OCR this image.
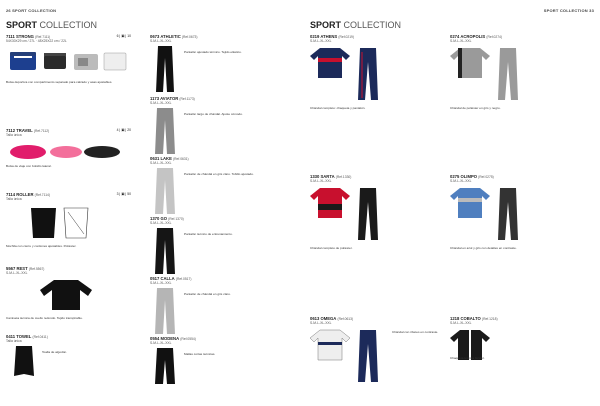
26 SPORT COLLECTION
SPORT COLLECTION
7111 STRONG (Ref.7111)
54X30X29 cm / 27L · 48X25X22 cm / 22L
6 | ▣ | 10
Bolsa deportiva con compartimento separado para calzado y asas ajustables.
7112 TRAVEL (Ref.7112)
Talla única
4 | ▣ | 20
Bolsa de viaje con bolsillo lateral.
7114 ROLLER (Ref.7114)
Talla única
3 | ▣ | 50
Mochila con cierre y cordones ajustables. Poliéster.
5567 REST (Ref.5567)
S-M-L-XL-XXL
Camiseta técnica de cuello redondo. Tejido transpirable.
0411 TOWEL (Ref.0411)
Talla única
Toalla de algodón.
0673 ATHLETIC (Ref.0673)
S-M-L-XL-XXL
Pantalón ajustado térmico. Tejido elástico.
1173 AVIATOR (Ref.1173)
S-M-L-XL-XXL
Pantalón largo de chándal. Ajuste cómodo.
0631 LAKE (Ref.0631)
S-M-L-XL-XXL
Pantalón de chándal en gris claro. Tobillo ajustado.
1370 GO (Ref.1370)
S-M-L-XL-XXL
Pantalón técnico de entrenamiento.
0517 CALLA (Ref.0517)
S-M-L-XL-XXL
Pantalón de chándal en gris claro.
0554 MODENA (Ref.0554)
S-M-L-XL-XXL
Mallas cortas técnicas.
SPORT COLLECTION 33
SPORT COLLECTION
0219 ATHENS (Ref.0219)
S-M-L-XL-XXL
Chándal completo: chaqueta y pantalón.
1330 SARTA (Ref.1330)
S-M-L-XL-XXL
Chándal completo de poliéster.
0613 OMEGA (Ref.0613)
S-M-L-XL-XXL
Chándal con ribetes en contraste.
0274 ACROPOLIS (Ref.0274)
S-M-L-XL-XXL
Chándal de poliéster en gris y negro.
0275 OLIMPO (Ref.0275)
S-M-L-XL-XXL
Chándal en azul y gris con detalles en contraste.
1218 COBALTO (Ref.1218)
S-M-L-XL-XXL
Chaqueta técnica bicolor.
